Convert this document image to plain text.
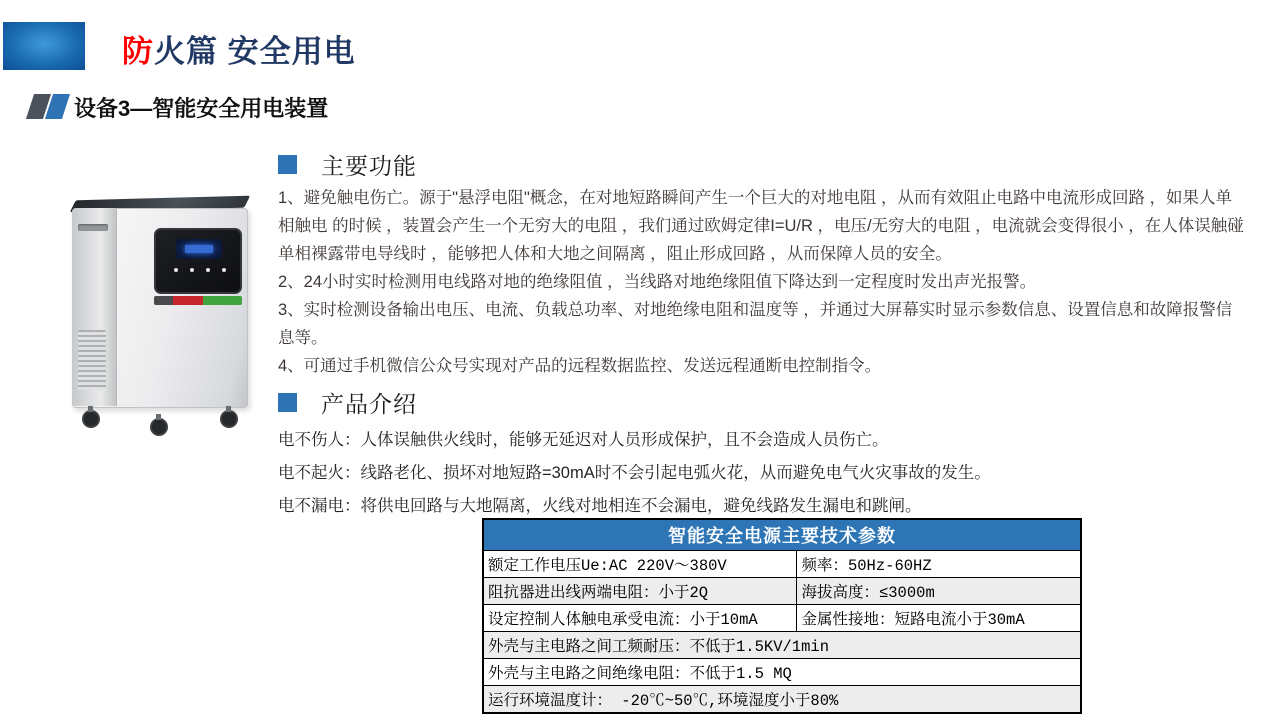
防火篇 安全用电
设备3—智能安全用电装置
主要功能

1、避免触电伤亡。源于"悬浮电阻"概念，在对地短路瞬间产生一个巨大的对地电阻 ，从而有效阻止电路中电流形成回路 ，如果人单相触电 的时候 ，装置会产生一个无穷大的电阻 ，我们通过欧姆定律I=U/R ，电压/无穷大的电阻 ，电流就会变得很小 ，在人体误触碰单相裸露带电导线时 ，能够把人体和大地之间隔离 ，阻止形成回路 ，从而保障人员的安全。

2、24小时实时检测用电线路对地的绝缘阻值 ，当线路对地绝缘阻值下降达到一定程度时发出声光报警。

3、实时检测设备输出电压、电流、负载总功率、对地绝缘电阻和温度等 ，并通过大屏幕实时显示参数信息、设置信息和故障报警信息等。

4、可通过手机微信公众号实现对产品的远程数据监控、发送远程通断电控制指令。

产品介绍

电不伤人：人体误触供火线时，能够无延迟对人员形成保护，且不会造成人员伤亡。

电不起火：线路老化、损坏对地短路=30mA时不会引起电弧火花，从而避免电气火灾事故的发生。

电不漏电：将供电回路与大地隔离，火线对地相连不会漏电，避免线路发生漏电和跳闸。

智能安全电源主要技术参数	
额定工作电压Ue:AC 220V～380V	频率：50Hz-60HZ
阻抗器进出线两端电阻：小于2Q	海拔高度：≤3000m
设定控制人体触电承受电流：小于10mA	金属性接地：短路电流小于30mA
外壳与主电路之间工频耐压：不低于1.5KV/1min	
外壳与主电路之间绝缘电阻：不低于1.5 MQ	
运行环境温度计： -20℃~50℃,环境湿度小于80%	
